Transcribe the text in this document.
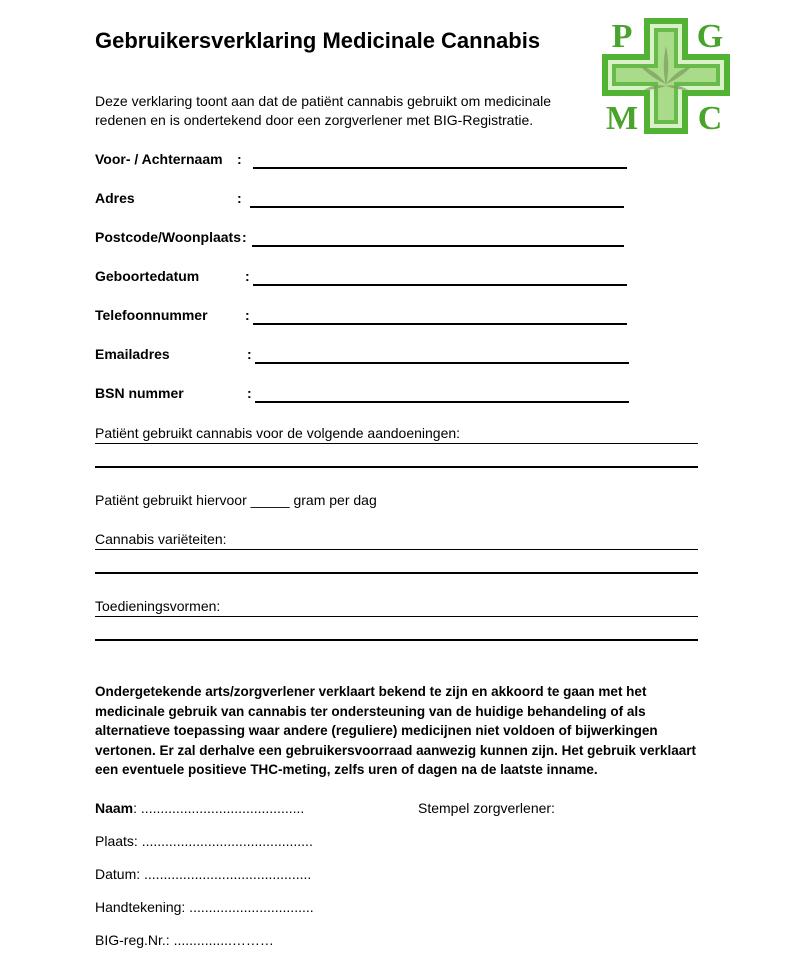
Gebruikersverklaring Medicinale Cannabis
Deze verklaring toont aan dat de patiënt cannabis gebruikt om medicinale redenen en is ondertekend door een zorgverlener met BIG-Registratie.
P G
M C
Voor- / Achternaam :
Adres	:
Postcode/Woonplaats :
Geboortedatum	:
Telefoonnummer	:
Emailadres	:
BSN nummer	:
Patiënt gebruikt cannabis voor de volgende aandoeningen:
Patiënt gebruikt hiervoor _____ gram per dag
Cannabis variëteiten:
Toedieningsvormen:
Ondergetekende arts/zorgverlener verklaart bekend te zijn en akkoord te gaan met het medicinale gebruik van cannabis ter ondersteuning van de huidige behandeling of als alternatieve toepassing waar andere (reguliere) medicijnen niet voldoen of bijwerkingen vertonen. Er zal derhalve een gebruikersvoorraad aanwezig kunnen zijn. Het gebruik verklaart een eventuele positieve THC-meting, zelfs uren of dagen na de laatste inname.
Naam: ..........................................
Plaats: ............................................
Datum: ...........................................
Handtekening: ................................
BIG-reg.Nr.: ...............………
Stempel zorgverlener:
